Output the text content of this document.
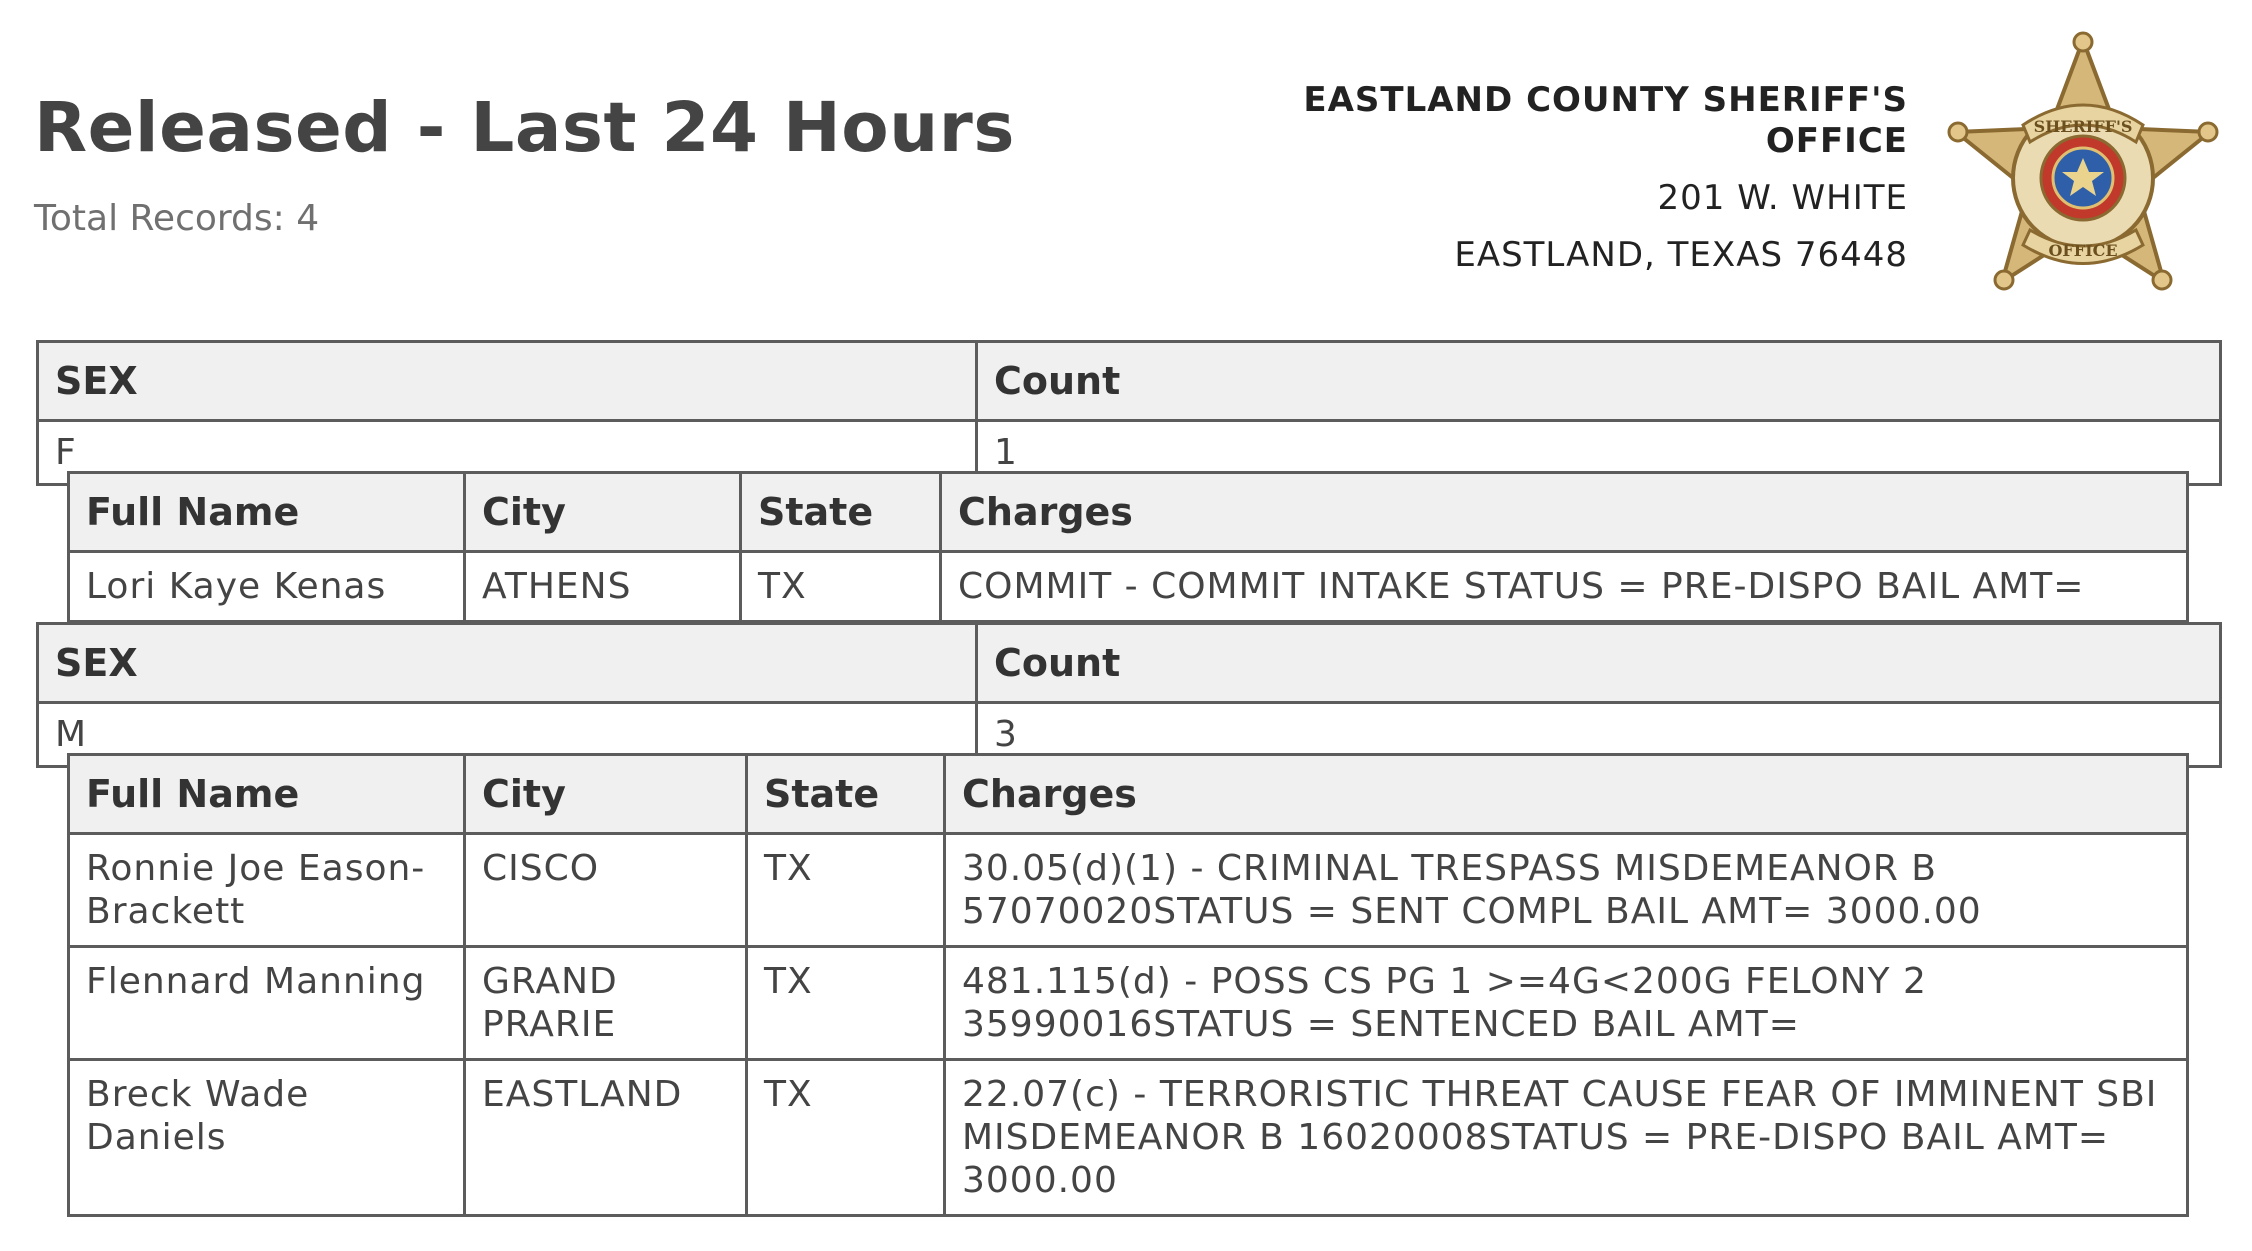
Released - Last 24 Hours
Total Records: 4
EASTLAND COUNTY SHERIFF'S
OFFICE
201 W. WHITE
EASTLAND, TEXAS 76448
SHERIFF'S
OFFICE
SEX	Count
F	1
Full Name	City	State	Charges
Lori Kaye Kenas	ATHENS	TX	COMMIT - COMMIT INTAKE STATUS = PRE-DISPO BAIL AMT=
SEX	Count
M	3
Full Name	City	State	Charges
Ronnie Joe Eason-Brackett	CISCO	TX	30.05(d)(1) - CRIMINAL TRESPASS MISDEMEANOR B 57070020STATUS = SENT COMPL BAIL AMT= 3000.00
Flennard Manning	GRAND PRARIE	TX	481.115(d) - POSS CS PG 1 >=4G<200G FELONY 2 35990016STATUS = SENTENCED BAIL AMT=
Breck Wade Daniels	EASTLAND	TX	22.07(c) - TERRORISTIC THREAT CAUSE FEAR OF IMMINENT SBI MISDEMEANOR B 16020008STATUS = PRE-DISPO BAIL AMT= 3000.00
